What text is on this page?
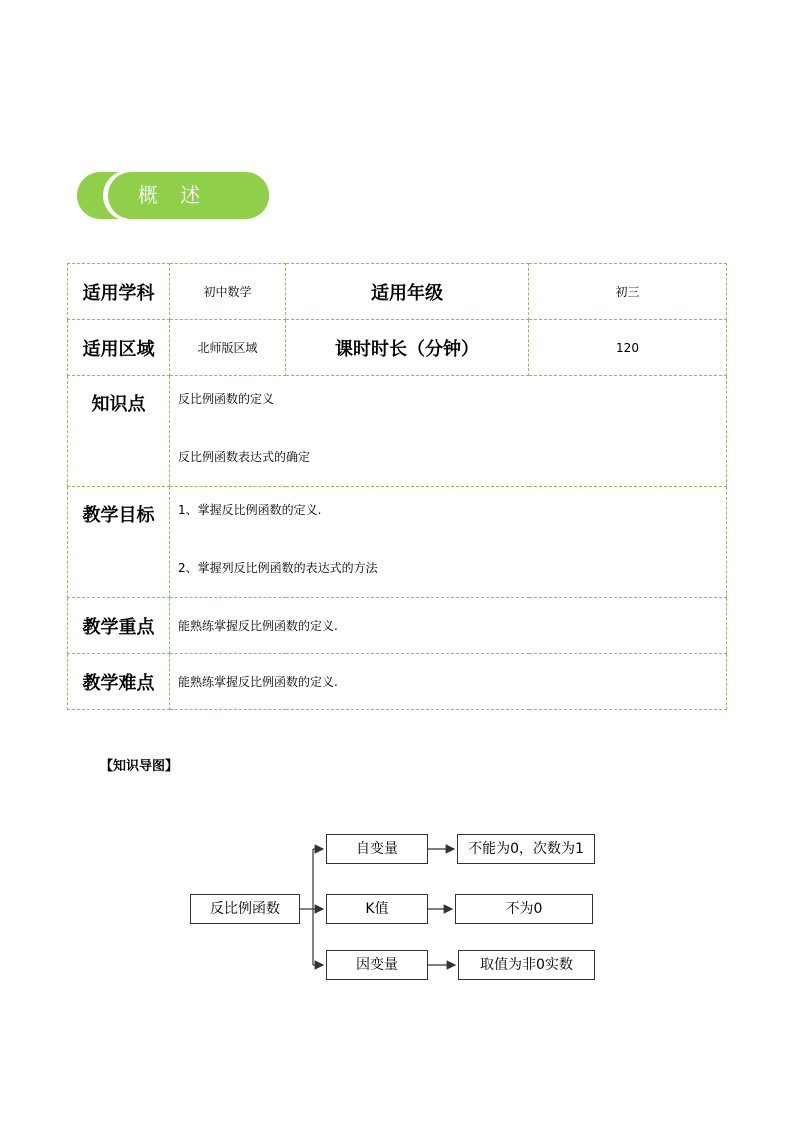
概 述
适用学科	初中数学	适用年级	初三
适用区域	北师版区域	课时时长（分钟）	120
知识点	反比例函数的定义
反比例函数表达式的确定		

教学目标	1、掌握反比例函数的定义.
2、掌握列反比例函数的表达式的方法		

教学重点	能熟练掌握反比例函数的定义.		
教学难点	能熟练掌握反比例函数的定义.		
【知识导图】
反比例函数
自变量
K值
因变量
不能为0，次数为1
不为0
取值为非0实数
